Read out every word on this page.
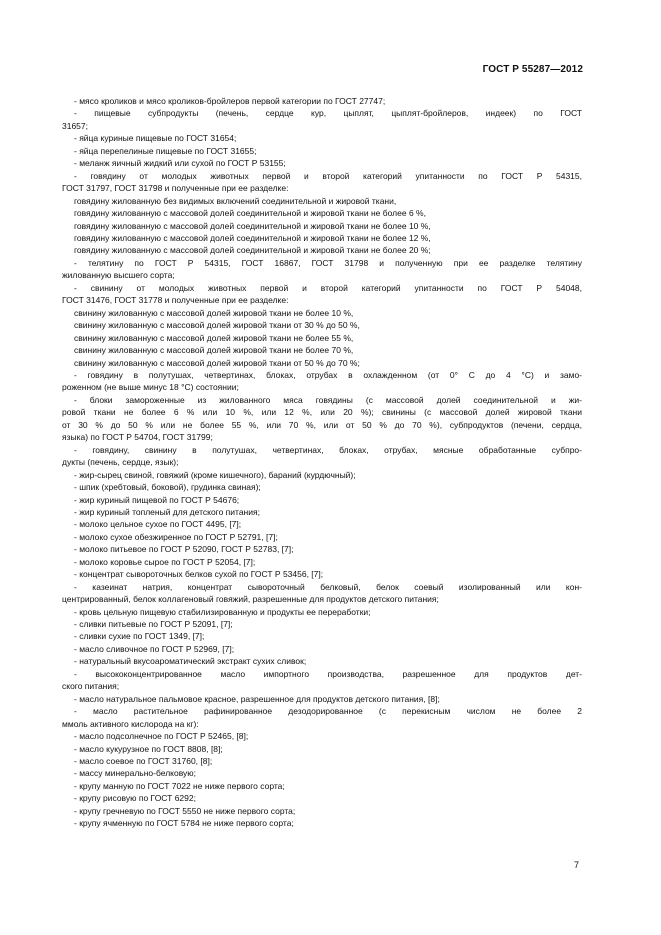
ГОСТ Р 55287—2012
- мясо кроликов и мясо кроликов-бройлеров первой категории по ГОСТ 27747;
- пищевые субпродукты (печень, сердце кур, цыплят, цыплят-бройлеров, индеек) по ГОСТ
31657;
- яйца куриные пищевые по ГОСТ 31654;
- яйца перепелиные пищевые по ГОСТ 31655;
- меланж яичный жидкий или сухой по ГОСТ Р 53155;
- говядину от молодых животных первой и второй категорий упитанности по ГОСТ Р 54315,
ГОСТ 31797, ГОСТ 31798 и полученные при ее разделке:
говядину жилованную без видимых включений соединительной и жировой ткани,
говядину жилованную с массовой долей соединительной и жировой ткани не более 6 %,
говядину жилованную с массовой долей соединительной и жировой ткани не более 10 %,
говядину жилованную с массовой долей соединительной и жировой ткани не более 12 %,
говядину жилованную с массовой долей соединительной и жировой ткани не более 20 %;
- телятину по ГОСТ Р 54315, ГОСТ 16867, ГОСТ 31798 и полученную при ее разделке телятину
жилованную высшего сорта;
- свинину от молодых животных первой и второй категорий упитанности по ГОСТ Р 54048,
ГОСТ 31476, ГОСТ 31778 и полученные при ее разделке:
свинину жилованную с массовой долей жировой ткани не более 10 %,
свинину жилованную с массовой долей жировой ткани от 30 % до 50 %,
свинину жилованную с массовой долей жировой ткани не более 55 %,
свинину жилованную с массовой долей жировой ткани не более 70 %,
свинину жилованную с массовой долей жировой ткани от 50 % до 70 %;
- говядину в полутушах, четвертинах, блоках, отрубах в охлажденном (от 0° С до 4 °С) и замо-
роженном (не выше минус 18 °С) состоянии;
- блоки замороженные из жилованного мяса говядины (с массовой долей соединительной и жи-
ровой ткани не более 6 % или 10 %, или 12 %, или 20 %); свинины (с массовой долей жировой ткани
от 30 % до 50 % или не более 55 %, или 70 %, или от 50 % до 70 %), субпродуктов (печени, сердца,
языка) по ГОСТ Р 54704, ГОСТ 31799;
- говядину, свинину в полутушах, четвертинах, блоках, отрубах, мясные обработанные субпро-
дукты (печень, сердце, язык);
- жир-сырец свиной, говяжий (кроме кишечного), бараний (курдючный);
- шпик (хребтовый, боковой), грудинка свиная);
- жир куриный пищевой по ГОСТ Р 54676;
- жир куриный топленый для детского питания;
- молоко цельное сухое по ГОСТ 4495, [7];
- молоко сухое обезжиренное по ГОСТ Р 52791, [7];
- молоко питьевое по ГОСТ Р 52090, ГОСТ Р 52783, [7];
- молоко коровье сырое по ГОСТ Р 52054, [7];
- концентрат сывороточных белков сухой по ГОСТ Р 53456, [7];
- казеинат натрия, концентрат сывороточный белковый, белок соевый изолированный или кон-
центрированный, белок коллагеновый говяжий, разрешенные для продуктов детского питания;
- кровь цельную пищевую стабилизированную и продукты ее переработки;
- сливки питьевые по ГОСТ Р 52091, [7];
- сливки сухие по ГОСТ 1349, [7];
- масло сливочное по ГОСТ Р 52969, [7];
- натуральный вкусоароматический экстракт сухих сливок;
- высококонцентрированное масло импортного производства, разрешенное для продуктов дет-
ского питания;
- масло натуральное пальмовое красное, разрешенное для продуктов детского питания, [8];
- масло растительное рафинированное дезодорированное (с перекисным числом не более 2
ммоль активного кислорода на кг):
- масло подсолнечное по ГОСТ Р 52465, [8];
- масло кукурузное по ГОСТ 8808, [8];
- масло соевое по ГОСТ 31760, [8];
- массу минерально-белковую;
- крупу манную по ГОСТ 7022 не ниже первого сорта;
- крупу рисовую по ГОСТ 6292;
- крупу гречневую по ГОСТ 5550 не ниже первого сорта;
- крупу ячменную по ГОСТ 5784 не ниже первого сорта;
7
